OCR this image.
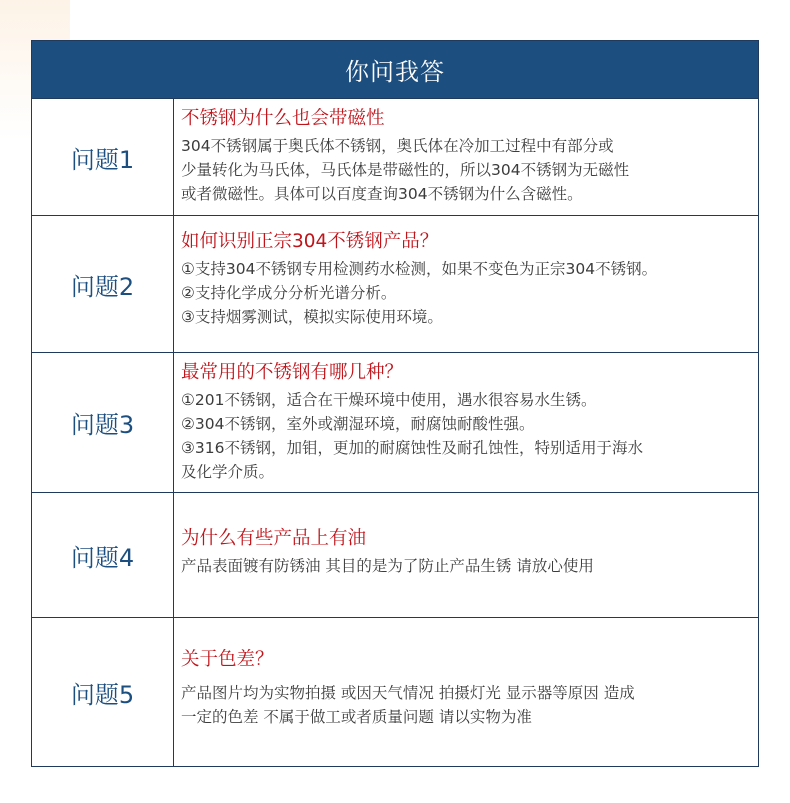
你问我答
问题1
不锈钢为什么也会带磁性
304不锈钢属于奥氏体不锈钢，奥氏体在冷加工过程中有部分或
少量转化为马氏体，马氏体是带磁性的，所以304不锈钢为无磁性
或者微磁性。具体可以百度查询304不锈钢为什么含磁性。
问题2
如何识别正宗304不锈钢产品？
①支持304不锈钢专用检测药水检测，如果不变色为正宗304不锈钢。
②支持化学成分分析光谱分析。
③支持烟雾测试，模拟实际使用环境。
问题3
最常用的不锈钢有哪几种？
①201不锈钢，适合在干燥环境中使用，遇水很容易水生锈。
②304不锈钢，室外或潮湿环境，耐腐蚀耐酸性强。
③316不锈钢，加钼，更加的耐腐蚀性及耐孔蚀性，特别适用于海水
及化学介质。
问题4
为什么有些产品上有油
产品表面镀有防锈油 其目的是为了防止产品生锈 请放心使用
问题5
关于色差？
产品图片均为实物拍摄 或因天气情况 拍摄灯光 显示器等原因 造成
一定的色差 不属于做工或者质量问题 请以实物为准
